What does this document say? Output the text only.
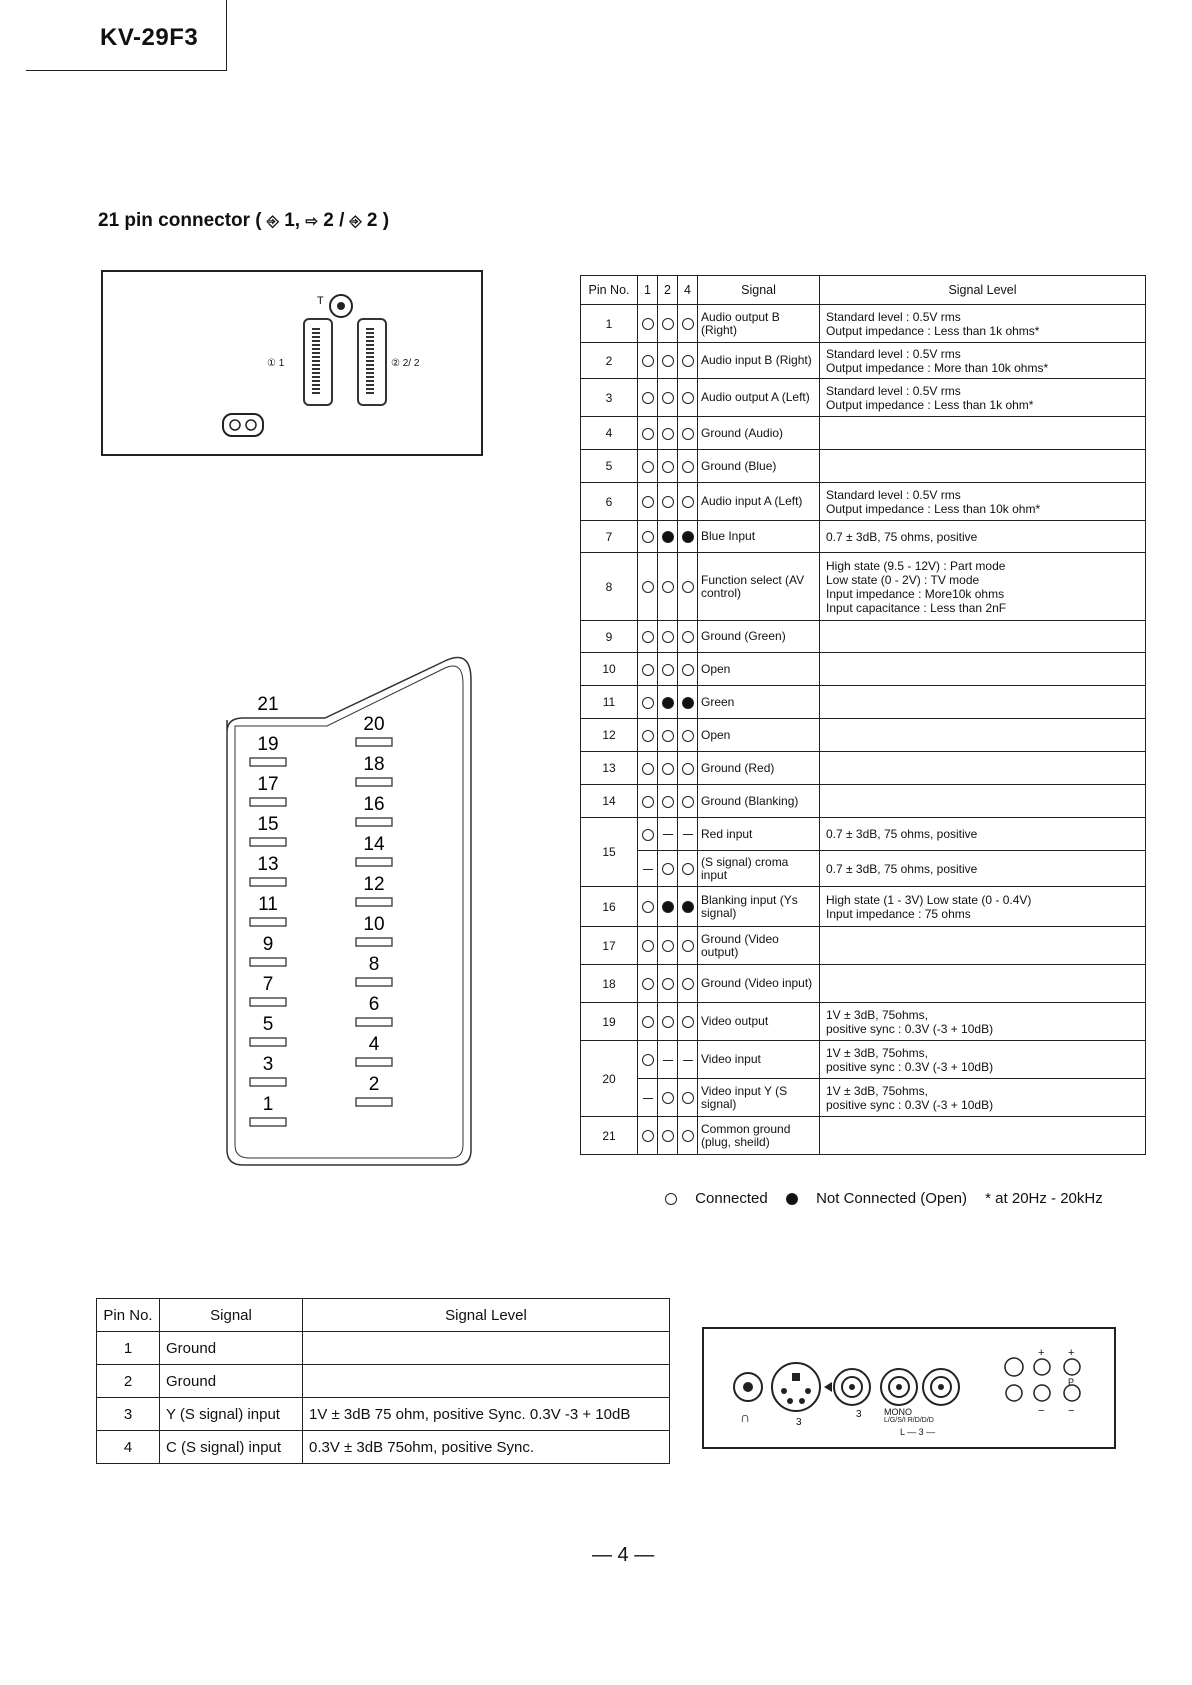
KV-29F3
21 pin connector ( ⎆ 1, ⇨ 2 / ⎆ 2 )
T
① 1	② 2/ 2
21
19
17
15
13
11
9
7
5
3
1
20
18
16
14
12
10
8
6
4
2
Pin No.	1	2	4	Signal	Signal Level
1				Audio output B (Right)	Standard level : 0.5V rms
Output impedance : Less than 1k ohms*
2				Audio input B (Right)	Standard level : 0.5V rms
Output impedance : More than 10k ohms*
3				Audio output A (Left)	Standard level : 0.5V rms
Output impedance : Less than 1k ohm*
4				Ground (Audio)	
5				Ground (Blue)	
6				Audio input A (Left)	Standard level : 0.5V rms
Output impedance : Less than 10k ohm*
7				Blue Input	0.7 ± 3dB, 75 ohms, positive
8				Function select (AV control)	High state (9.5 - 12V) : Part mode
Low state (0 - 2V) : TV mode
Input impedance : More10k ohms
Input capacitance : Less than 2nF
9				Ground (Green)	
10				Open	
11				Green	
12				Open	
13				Ground (Red)	
14				Ground (Blanking)	
15				Red input	0.7 ± 3dB, 75 ohms, positive
				(S signal) croma input	0.7 ± 3dB, 75 ohms, positive
16				Blanking input (Ys signal)	High state (1 - 3V) Low state (0 - 0.4V)
Input impedance : 75 ohms
17				Ground (Video output)	
18				Ground (Video input)	
19				Video output	1V ± 3dB, 75ohms,
positive sync : 0.3V (-3 + 10dB)
20				Video input	1V ± 3dB, 75ohms,
positive sync : 0.3V (-3 + 10dB)
				Video input Y (S signal)	1V ± 3dB, 75ohms,
positive sync : 0.3V (-3 + 10dB)
21				Common ground (plug, sheild)	
Connected	Not Connected (Open) * at 20Hz - 20kHz
Pin No.	Signal	Signal Level
1	Ground	
2	Ground	
3	Y (S signal) input	1V ± 3dB 75 ohm, positive Sync. 0.3V -3 + 10dB
4	C (S signal) input	0.3V ± 3dB 75ohm, positive Sync.
∩	3
3 MONO
L/G/S/I R/D/D/D
L — 3 —
+ +
P
− −
— 4 —
